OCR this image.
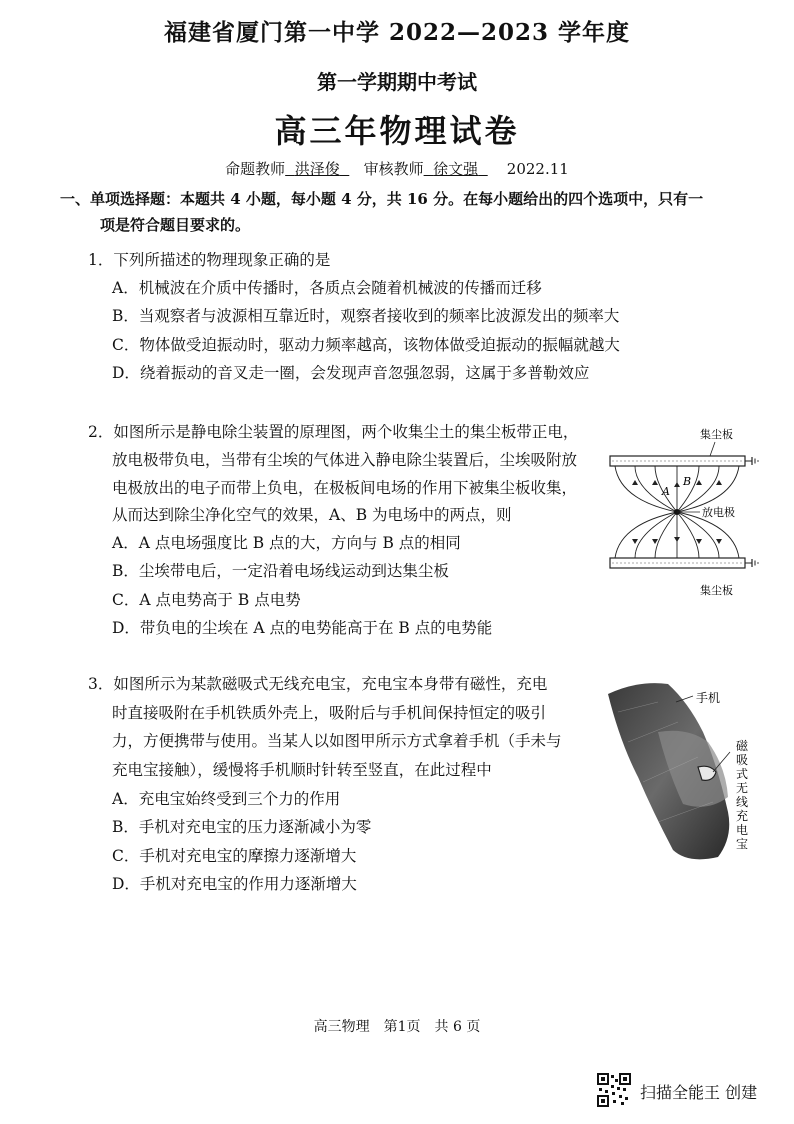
福建省厦门第一中学 2022—2023 学年度
第一学期期中考试
高三年物理试卷
命题教师 洪泽俊 审核教师 徐文强 2022.11
一、单项选择题：本题共 4 小题，每小题 4 分，共 16 分。在每小题给出的四个选项中，只有一
项是符合题目要求的。
1．下列所描述的物理现象正确的是
A．机械波在介质中传播时，各质点会随着机械波的传播而迁移
B．当观察者与波源相互靠近时，观察者接收到的频率比波源发出的频率大
C．物体做受迫振动时，驱动力频率越高，该物体做受迫振动的振幅就越大
D．绕着振动的音叉走一圈，会发现声音忽强忽弱，这属于多普勒效应
2．如图所示是静电除尘装置的原理图，两个收集尘土的集尘板带正电，
放电极带负电，当带有尘埃的气体进入静电除尘装置后，尘埃吸附放
电极放出的电子而带上负电，在极板间电场的作用下被集尘板收集，
从而达到除尘净化空气的效果，A、B 为电场中的两点，则
A．A 点电场强度比 B 点的大，方向与 B 点的相同
B．尘埃带电后，一定沿着电场线运动到达集尘板
C．A 点电势高于 B 点电势
D．带负电的尘埃在 A 点的电势能高于在 B 点的电势能
集尘板
放电极
A
B
集尘板
3．如图所示为某款磁吸式无线充电宝，充电宝本身带有磁性，充电
时直接吸附在手机铁质外壳上，吸附后与手机间保持恒定的吸引
力，方便携带与使用。当某人以如图甲所示方式拿着手机（手未与
充电宝接触），缓慢将手机顺时针转至竖直，在此过程中
A．充电宝始终受到三个力的作用
B．手机对充电宝的压力逐渐减小为零
C．手机对充电宝的摩擦力逐渐增大
D．手机对充电宝的作用力逐渐增大
手机
磁
吸
式
无
线
充
电
宝
高三物理　第1页　共 6 页
扫描全能王 创建
